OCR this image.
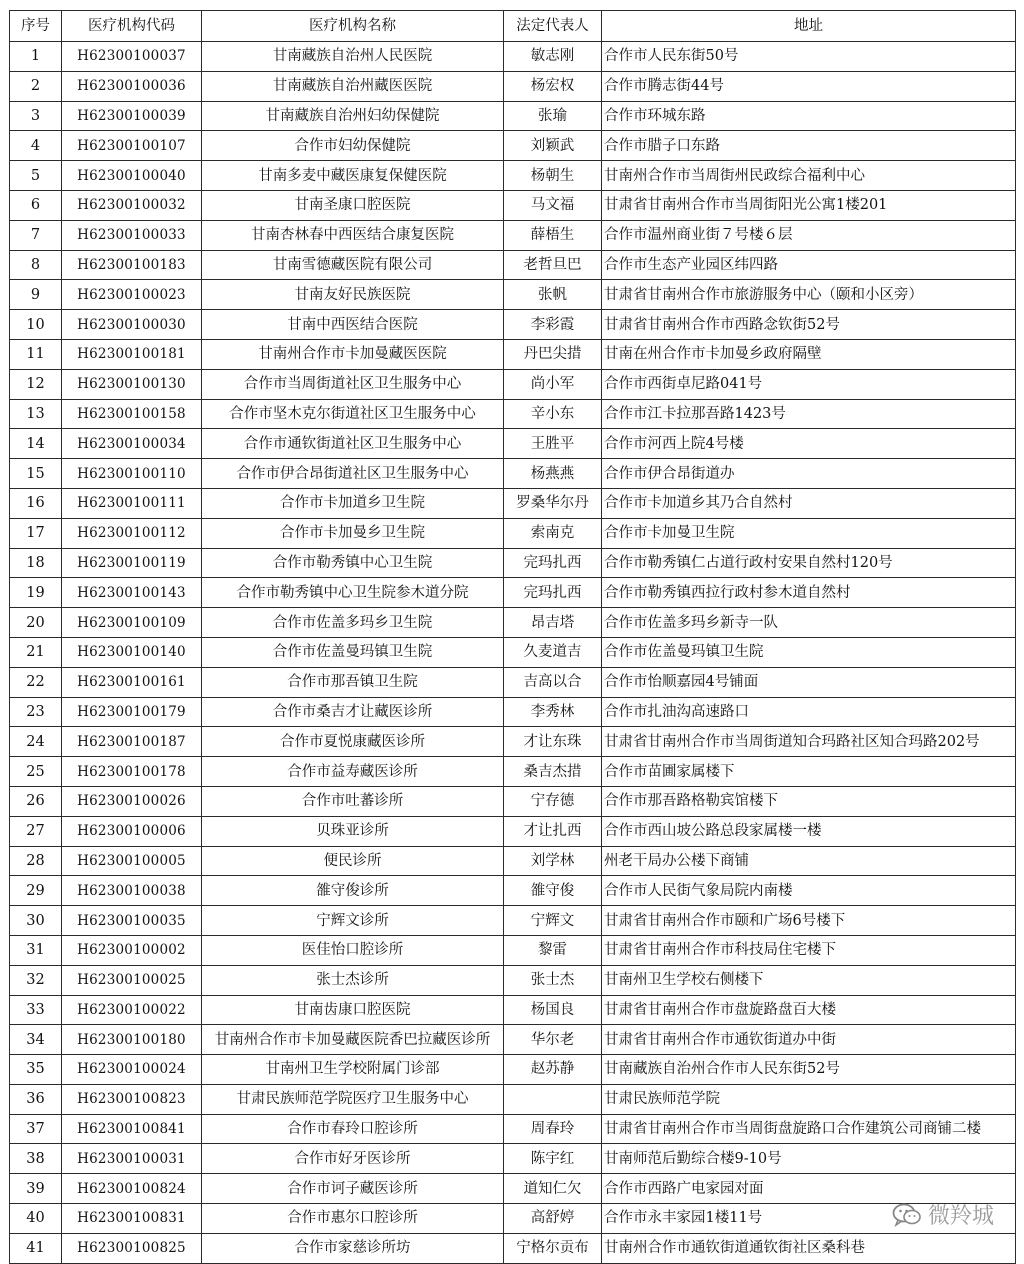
序号	医疗机构代码	医疗机构名称	法定代表人	地址
1	H62300100037	甘南藏族自治州人民医院	敏志刚	合作市人民东街50号
2	H62300100036	甘南藏族自治州藏医医院	杨宏权	合作市腾志街44号
3	H62300100039	甘南藏族自治州妇幼保健院	张瑜	合作市环城东路
4	H62300100107	合作市妇幼保健院	刘颖武	合作市腊子口东路
5	H62300100040	甘南多麦中藏医康复保健医院	杨朝生	甘南州合作市当周街州民政综合福利中心
6	H62300100032	甘南圣康口腔医院	马文福	甘肃省甘南州合作市当周街阳光公寓1楼201
7	H62300100033	甘南杏林春中西医结合康复医院	薛梧生	合作市温州商业街７号楼６层
8	H62300100183	甘南雪德藏医院有限公司	老哲旦巴	合作市生态产业园区纬四路
9	H62300100023	甘南友好民族医院	张帆	甘肃省甘南州合作市旅游服务中心（颐和小区旁）
10	H62300100030	甘南中西医结合医院	李彩霞	甘肃省甘南州合作市西路念钦街52号
11	H62300100181	甘南州合作市卡加曼藏医医院	丹巴尖措	甘南在州合作市卡加曼乡政府隔壁
12	H62300100130	合作市当周街道社区卫生服务中心	尚小军	合作市西街卓尼路041号
13	H62300100158	合作市坚木克尔街道社区卫生服务中心	辛小东	合作市江卡拉那吾路1423号
14	H62300100034	合作市通钦街道社区卫生服务中心	王胜平	合作市河西上院4号楼
15	H62300100110	合作市伊合昂街道社区卫生服务中心	杨燕燕	合作市伊合昂街道办
16	H62300100111	合作市卡加道乡卫生院	罗桑华尔丹	合作市卡加道乡其乃合自然村
17	H62300100112	合作市卡加曼乡卫生院	索南克	合作市卡加曼卫生院
18	H62300100119	合作市勒秀镇中心卫生院	完玛扎西	合作市勒秀镇仁占道行政村安果自然村120号
19	H62300100143	合作市勒秀镇中心卫生院参木道分院	完玛扎西	合作市勒秀镇西拉行政村参木道自然村
20	H62300100109	合作市佐盖多玛乡卫生院	昂吉塔	合作市佐盖多玛乡新寺一队
21	H62300100140	合作市佐盖曼玛镇卫生院	久麦道吉	合作市佐盖曼玛镇卫生院
22	H62300100161	合作市那吾镇卫生院	吉高以合	合作市怡顺嘉园4号铺面
23	H62300100179	合作市桑吉才让藏医诊所	李秀林	合作市扎油沟高速路口
24	H62300100187	合作市夏悦康藏医诊所	才让东珠	甘肃省甘南州合作市当周街道知合玛路社区知合玛路202号
25	H62300100178	合作市益寿藏医诊所	桑吉杰措	合作市苗圃家属楼下
26	H62300100026	合作市吐蕃诊所	宁存德	合作市那吾路格勒宾馆楼下
27	H62300100006	贝珠亚诊所	才让扎西	合作市西山坡公路总段家属楼一楼
28	H62300100005	便民诊所	刘学林	州老干局办公楼下商铺
29	H62300100038	雒守俊诊所	雒守俊	合作市人民街气象局院内南楼
30	H62300100035	宁辉文诊所	宁辉文	甘肃省甘南州合作市颐和广场6号楼下
31	H62300100002	医佳怡口腔诊所	黎雷	甘肃省甘南州合作市科技局住宅楼下
32	H62300100025	张士杰诊所	张士杰	甘南州卫生学校右侧楼下
33	H62300100022	甘南齿康口腔医院	杨国良	甘肃省甘南州合作市盘旋路盘百大楼
34	H62300100180	甘南州合作市卡加曼藏医院香巴拉藏医诊所	华尔老	甘肃省甘南州合作市通钦街道办中街
35	H62300100024	甘南州卫生学校附属门诊部	赵苏静	甘南藏族自治州合作市人民东街52号
36	H62300100823	甘肃民族师范学院医疗卫生服务中心		甘肃民族师范学院
37	H62300100841	合作市春玲口腔诊所	周春玲	甘肃省甘南州合作市当周街盘旋路口合作建筑公司商铺二楼
38	H62300100031	合作市好牙医诊所	陈宇红	甘南师范后勤综合楼9-10号
39	H62300100824	合作市诃子藏医诊所	道知仁欠	合作市西路广电家园对面
40	H62300100831	合作市惠尔口腔诊所	高舒婷	合作市永丰家园1楼11号
41	H62300100825	合作市家慈诊所坊	宁格尔贡布	甘南州合作市通钦街道通钦街社区桑科巷
微羚城
